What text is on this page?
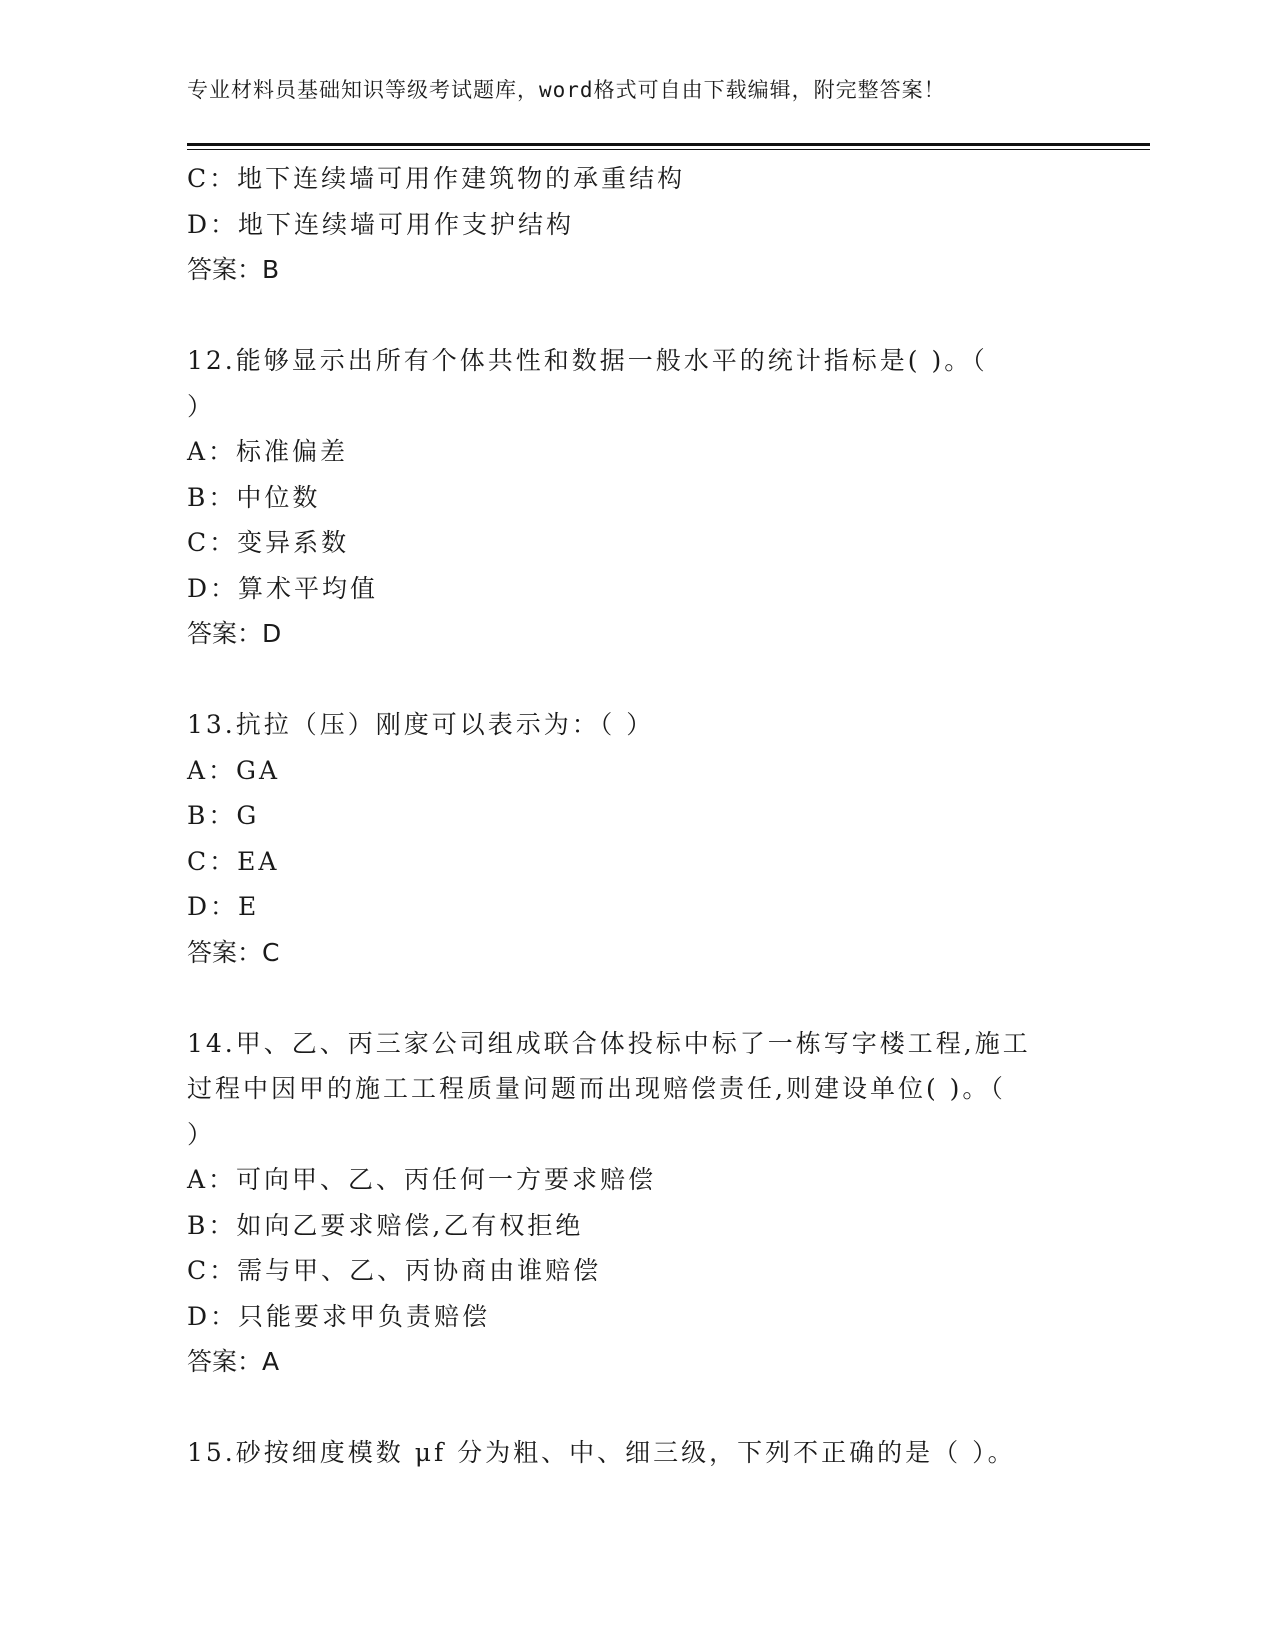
专业材料员基础知识等级考试题库，word格式可自由下载编辑，附完整答案！
C：地下连续墙可用作建筑物的承重结构
D：地下连续墙可用作支护结构
答案：B
12.能够显示出所有个体共性和数据一般水平的统计指标是( )。（
）
A：标准偏差
B：中位数
C：变异系数
D：算术平均值
答案：D
13.抗拉（压）刚度可以表示为：（ ）
A：GA
B：G
C：EA
D：E
答案：C
14.甲、乙、丙三家公司组成联合体投标中标了一栋写字楼工程,施工
过程中因甲的施工工程质量问题而出现赔偿责任,则建设单位( )。（
）
A：可向甲、乙、丙任何一方要求赔偿
B：如向乙要求赔偿,乙有权拒绝
C：需与甲、乙、丙协商由谁赔偿
D：只能要求甲负责赔偿
答案：A
15.砂按细度模数 μf 分为粗、中、细三级，下列不正确的是（ ）。
